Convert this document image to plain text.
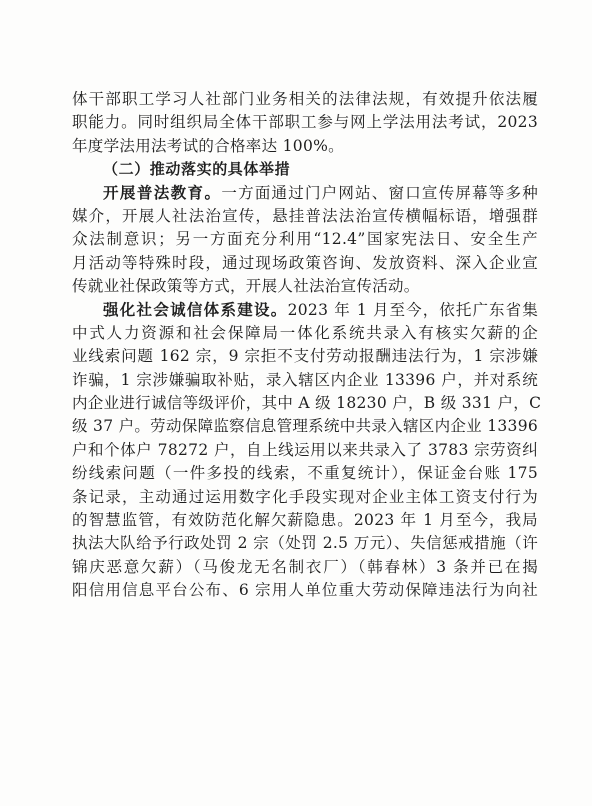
体干部职工学习人社部门业务相关的法律法规，有效提升依法履
职能力。同时组织局全体干部职工参与网上学法用法考试，2023
年度学法用法考试的合格率达 100%。
（二）推动落实的具体举措
开展普法教育。一方面通过门户网站、窗口宣传屏幕等多种
媒介，开展人社法治宣传，悬挂普法法治宣传横幅标语，增强群
众法制意识；另一方面充分利用“12.4”国家宪法日、安全生产
月活动等特殊时段，通过现场政策咨询、发放资料、深入企业宣
传就业社保政策等方式，开展人社法治宣传活动。
强化社会诚信体系建设。2023 年 1 月至今，依托广东省集
中式人力资源和社会保障局一体化系统共录入有核实欠薪的企
业线索问题 162 宗，9 宗拒不支付劳动报酬违法行为，1 宗涉嫌
诈骗，1 宗涉嫌骗取补贴，录入辖区内企业 13396 户，并对系统
内企业进行诚信等级评价，其中 A 级 18230 户，B 级 331 户，C
级 37 户。劳动保障监察信息管理系统中共录入辖区内企业 13396
户和个体户 78272 户，自上线运用以来共录入了 3783 宗劳资纠
纷线索问题（一件多投的线索，不重复统计），保证金台账 175
条记录，主动通过运用数字化手段实现对企业主体工资支付行为
的智慧监管，有效防范化解欠薪隐患。2023 年 1 月至今，我局
执法大队给予行政处罚 2 宗（处罚 2.5 万元）、失信惩戒措施（许
锦庆恶意欠薪）（马俊龙无名制衣厂）（韩春林）3 条并已在揭
阳信用信息平台公布、6 宗用人单位重大劳动保障违法行为向社
